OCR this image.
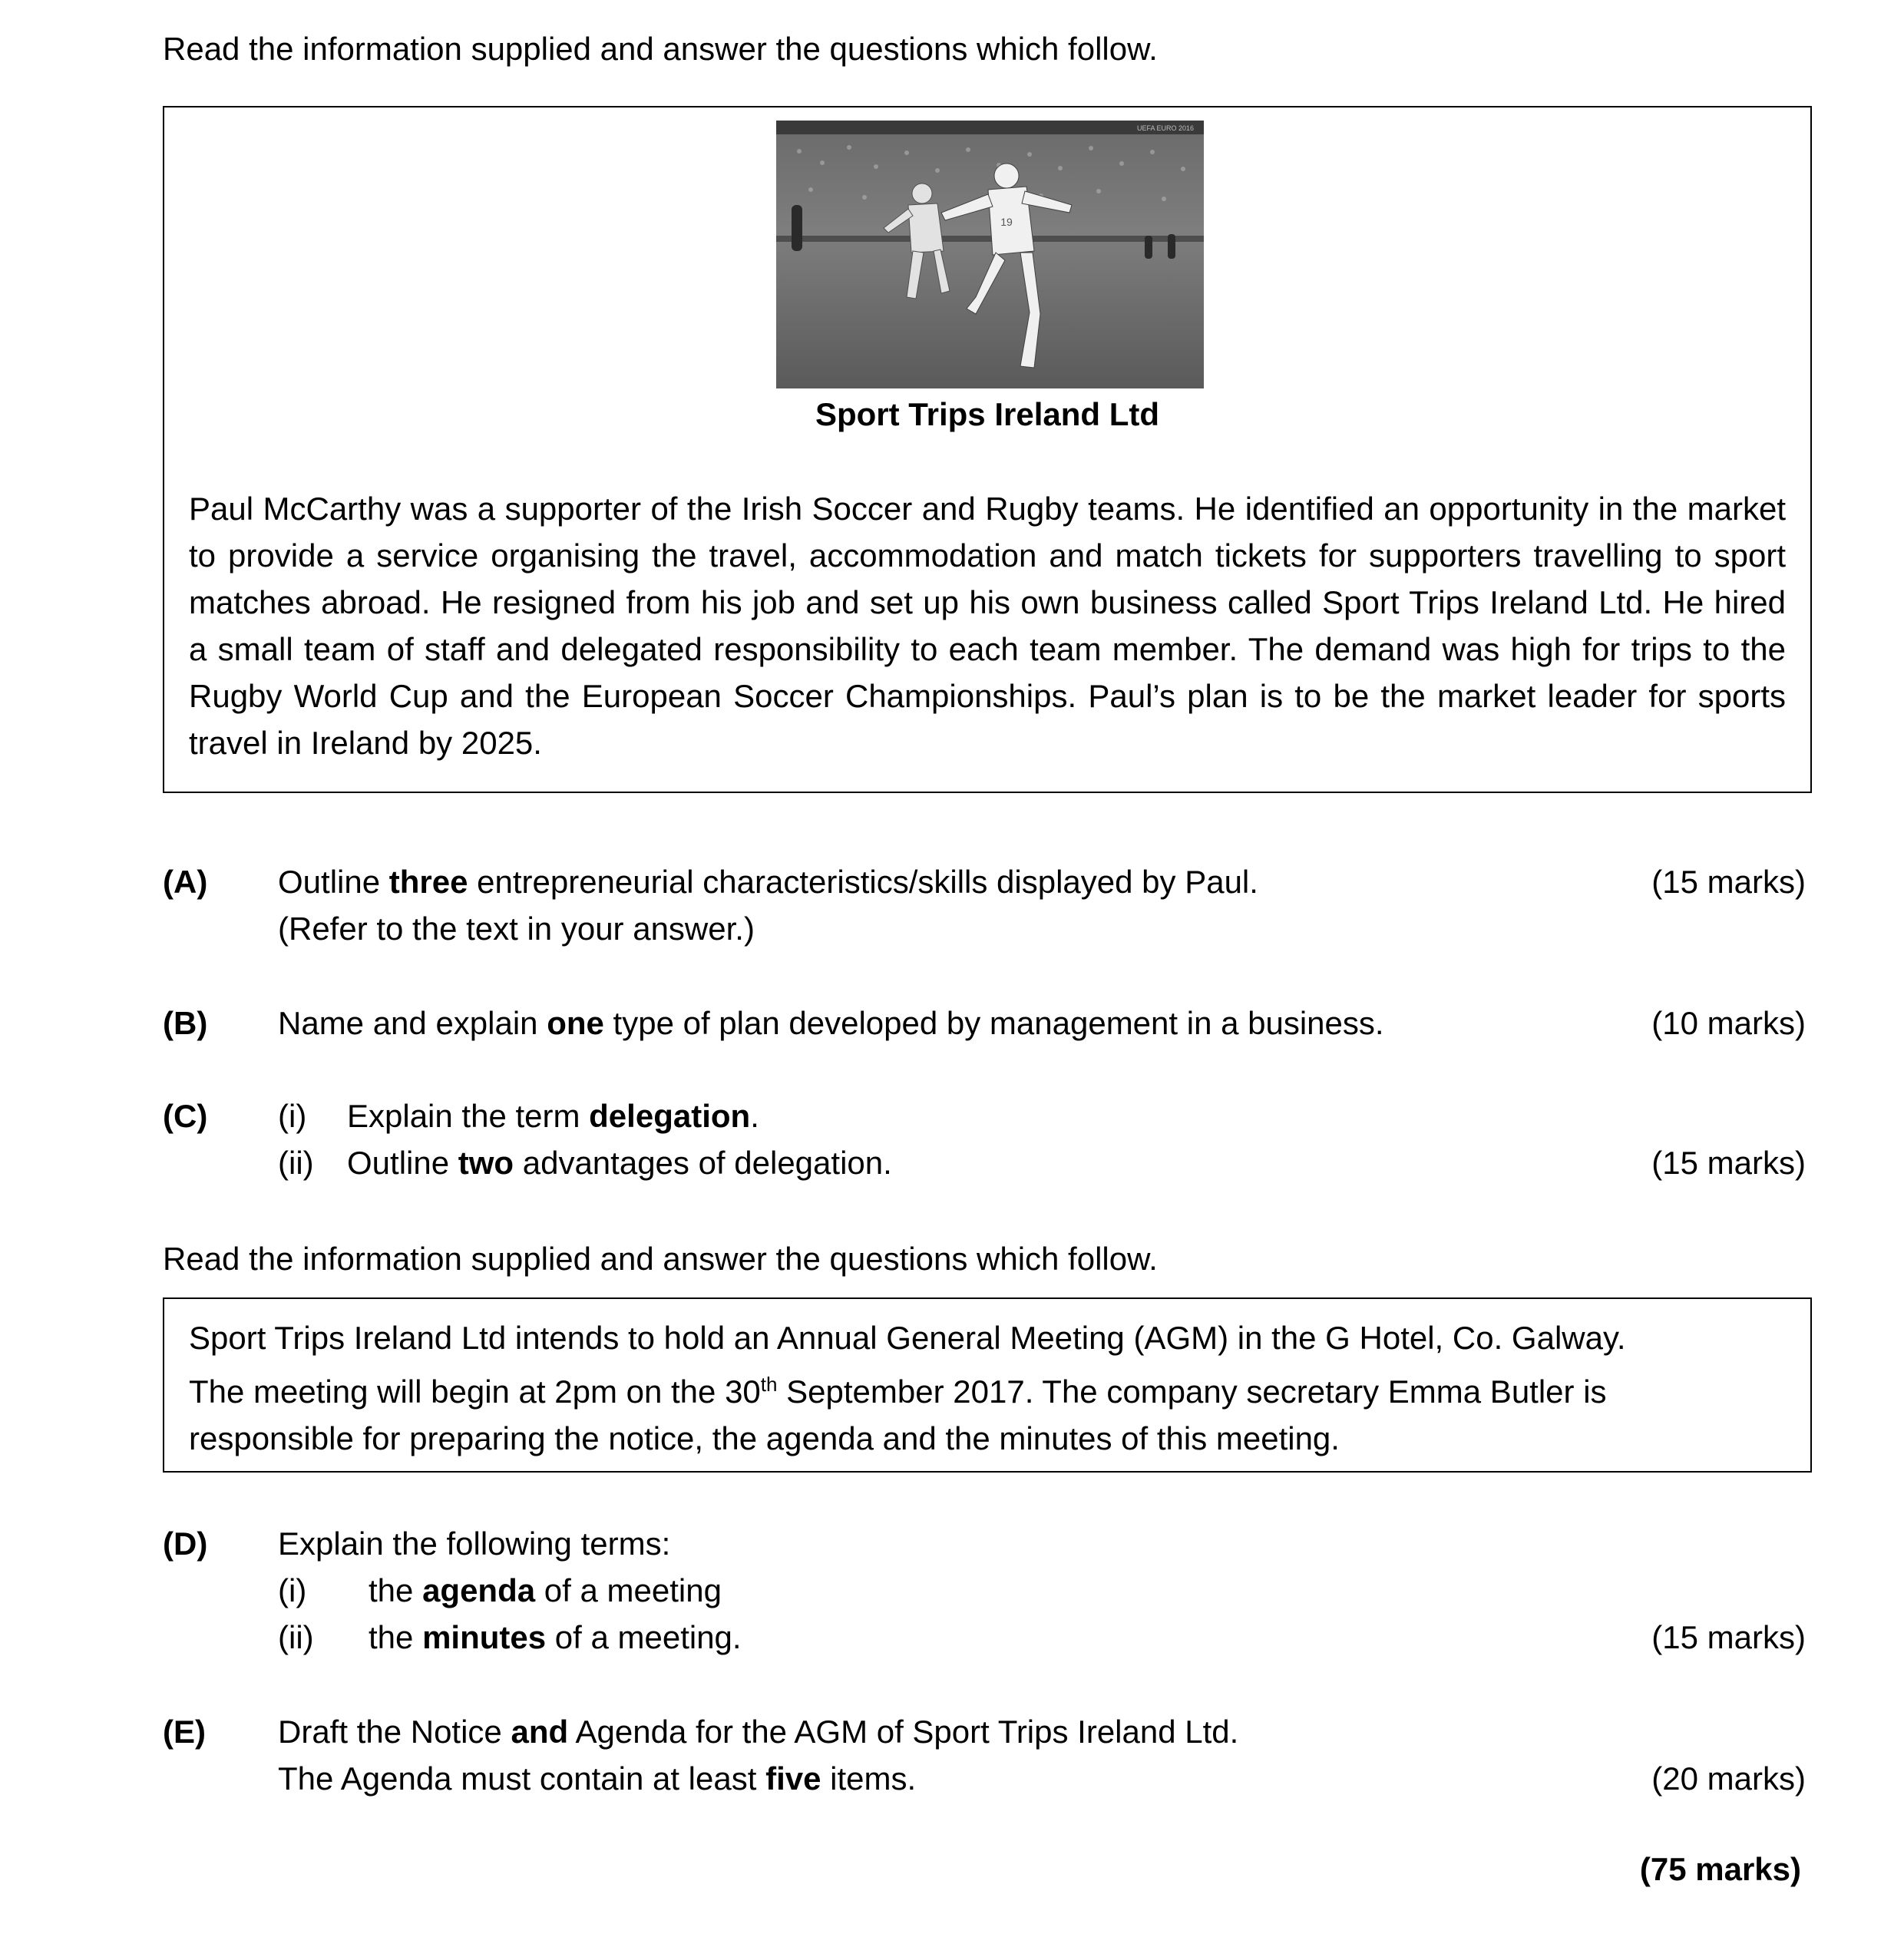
Read the information supplied and answer the questions which follow.
UEFA EURO 2016
19
Sport Trips Ireland Ltd
Paul McCarthy was a supporter of the Irish Soccer and Rugby teams. He identified an opportunity in the market to provide a service organising the travel, accommodation and match tickets for supporters travelling to sport matches abroad. He resigned from his job and set up his own business called Sport Trips Ireland Ltd. He hired a small team of staff and delegated responsibility to each team member. The demand was high for trips to the Rugby World Cup and the European Soccer Championships. Paul’s plan is to be the market leader for sports travel in Ireland by 2025.
(A) Outline three entrepreneurial characteristics/skills displayed by Paul.
(Refer to the text in your answer.)
(15 marks)
(B) Name and explain one type of plan developed by management in a business.	(10 marks)
(C) (i)	Explain the term delegation.
(ii)	Outline two advantages of delegation.	(15 marks)
Read the information supplied and answer the questions which follow.
Sport Trips Ireland Ltd intends to hold an Annual General Meeting (AGM) in the G Hotel, Co. Galway.
The meeting will begin at 2pm on the 30th September 2017. The company secretary Emma Butler is
responsible for preparing the notice, the agenda and the minutes of this meeting.
(D) Explain the following terms:
(i)	the agenda of a meeting
(ii)	the minutes of a meeting.	(15 marks)
(E) Draft the Notice and Agenda for the AGM of Sport Trips Ireland Ltd.
The Agenda must contain at least five items.	(20 marks)
(75 marks)
